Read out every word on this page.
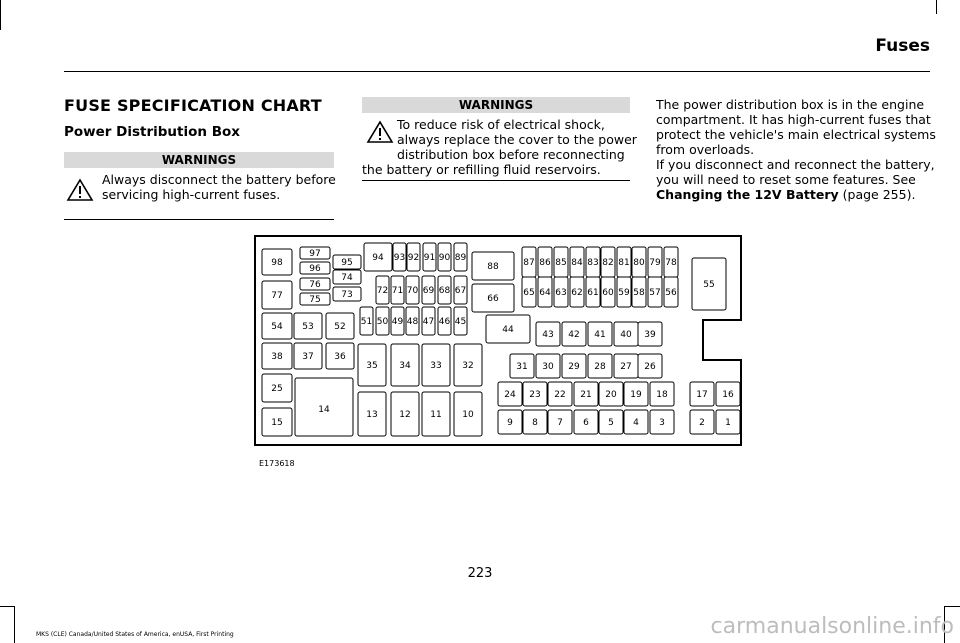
Fuses
FUSE SPECIFICATION CHART
Power Distribution Box
WARNINGS
Always disconnect the battery before
servicing high-current fuses.
WARNINGS
To reduce risk of electrical shock,
always replace the cover to the power
distribution box before reconnecting
the battery or refilling fluid reservoirs.
The power distribution box is in the engine
compartment. It has high-current fuses that
protect the vehicle's main electrical systems
from overloads.
If you disconnect and reconnect the battery,
you will need to reset some features. See
Changing the 12V Battery (page 255).
98
97
96
76
75
95
74
73
94 93 92 91 90 89
72 71 70 69 68 67
88
66
87 86 85 84 83 82 81 80 79 78
65 64 63 62 61 60 59 58 57 56
55
77
54 53 52 51 50 49 48 47 46 45
44	43 42 41 40 39
38 37 36
35 34 33 32	31 30 29 28 27 26
25
14
24 23 22 21 20 19 18	17 16
15
13 12 11 10
9 8 7 6 5 4 3	2 1
E173618
223
MKS (CLE) Canada/United States of America, enUSA, First Printing	carmanualsonline.info
